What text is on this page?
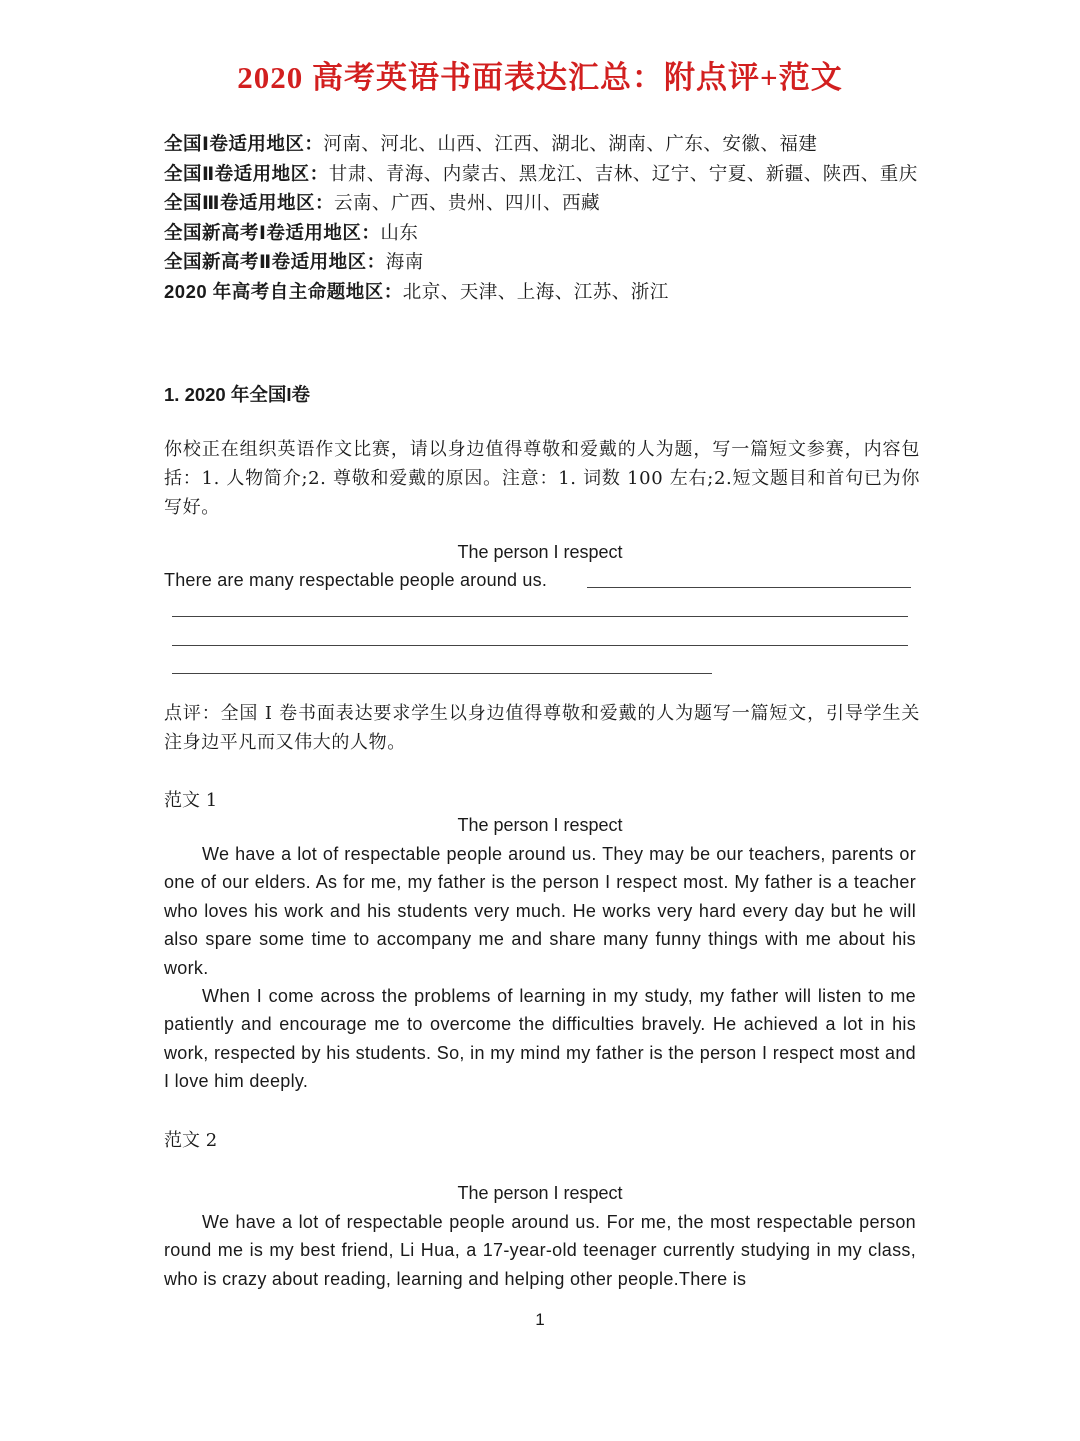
2020 高考英语书面表达汇总：附点评+范文
全国Ⅰ卷适用地区：河南、河北、山西、江西、湖北、湖南、广东、安徽、福建
全国Ⅱ卷适用地区：甘肃、青海、内蒙古、黑龙江、吉林、辽宁、宁夏、新疆、陕西、重庆
全国Ⅲ卷适用地区：云南、广西、贵州、四川、西藏
全国新高考Ⅰ卷适用地区：山东
全国新高考Ⅱ卷适用地区：海南
2020 年高考自主命题地区：北京、天津、上海、江苏、浙江
1. 2020 年全国I卷
你校正在组织英语作文比赛，请以身边值得尊敬和爱戴的人为题，写一篇短文参赛，内容包括：1. 人物简介;2. 尊敬和爱戴的原因。注意：1. 词数 100 左右;2.短文题目和首句已为你写好。
The person I respect
There are many respectable people around us.
点评：全国 I 卷书面表达要求学生以身边值得尊敬和爱戴的人为题写一篇短文，引导学生关注身边平凡而又伟大的人物。
范文 1
The person I respect

We have a lot of respectable people around us. They may be our teachers, parents or one of our elders. As for me, my father is the person I respect most. My father is a teacher who loves his work and his students very much. He works very hard every day but he will also spare some time to accompany me and share many funny things with me about his work.

When I come across the problems of learning in my study, my father will listen to me patiently and encourage me to overcome the difficulties bravely. He achieved a lot in his work, respected by his students. So, in my mind my father is the person I respect most and I love him deeply.

范文 2
The person I respect

We have a lot of respectable people around us. For me, the most respectable person round me is my best friend, Li Hua, a 17-year-old teenager currently studying in my class, who is crazy about reading, learning and helping other people.There is

1
